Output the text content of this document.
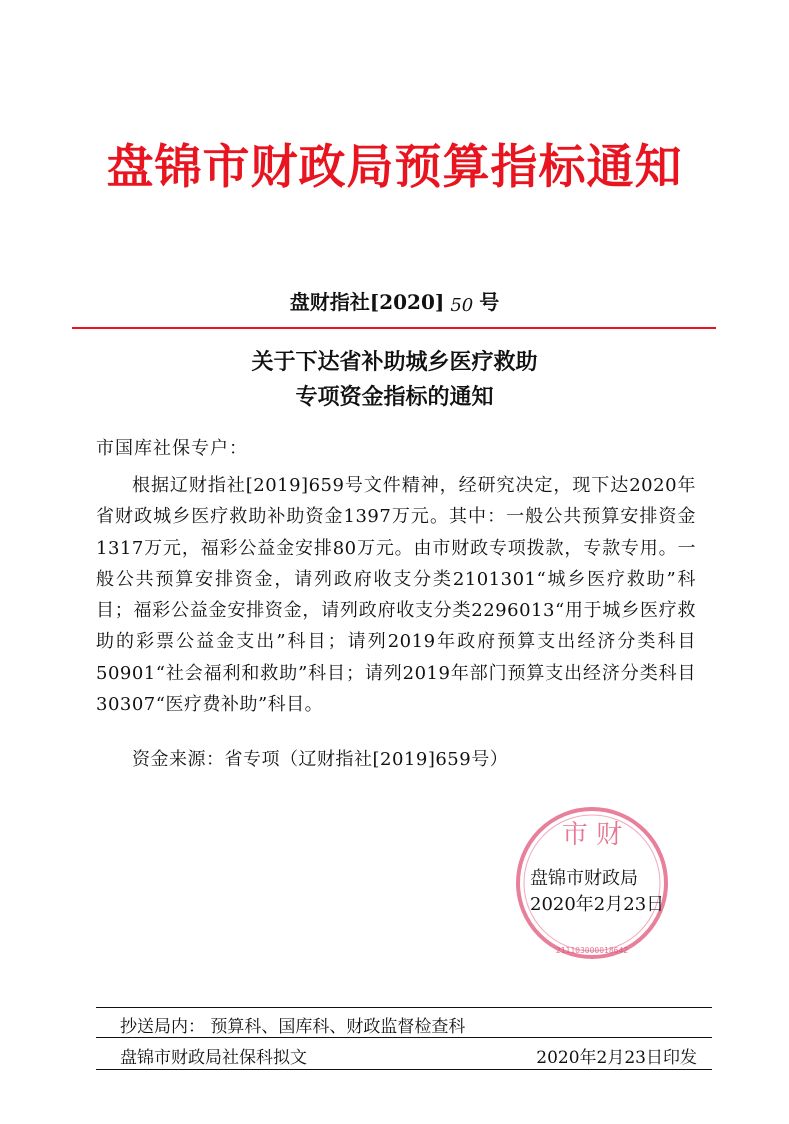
盘锦市财政局预算指标通知
盘财指社[2020] 50 号
关于下达省补助城乡医疗救助
专项资金指标的通知
市国库社保专户：
根据辽财指社[2019]659号文件精神，经研究决定，现下达2020年省财政城乡医疗救助补助资金1397万元。其中：一般公共预算安排资金1317万元，福彩公益金安排80万元。由市财政专项拨款，专款专用。一般公共预算安排资金，请列政府收支分类2101301“城乡医疗救助”科目；福彩公益金安排资金，请列政府收支分类2296013“用于城乡医疗救助的彩票公益金支出”科目；请列2019年政府预算支出经济分类科目50901“社会福利和救助”科目；请列2019年部门预算支出经济分类科目30307“医疗费补助”科目。
资金来源：省专项（辽财指社[2019]659号）
市 财
211103000018642
盘锦市财政局
2020年2月23日
抄送局内： 预算科、国库科、财政监督检查科
盘锦市财政局社保科拟文	2020年2月23日印发
